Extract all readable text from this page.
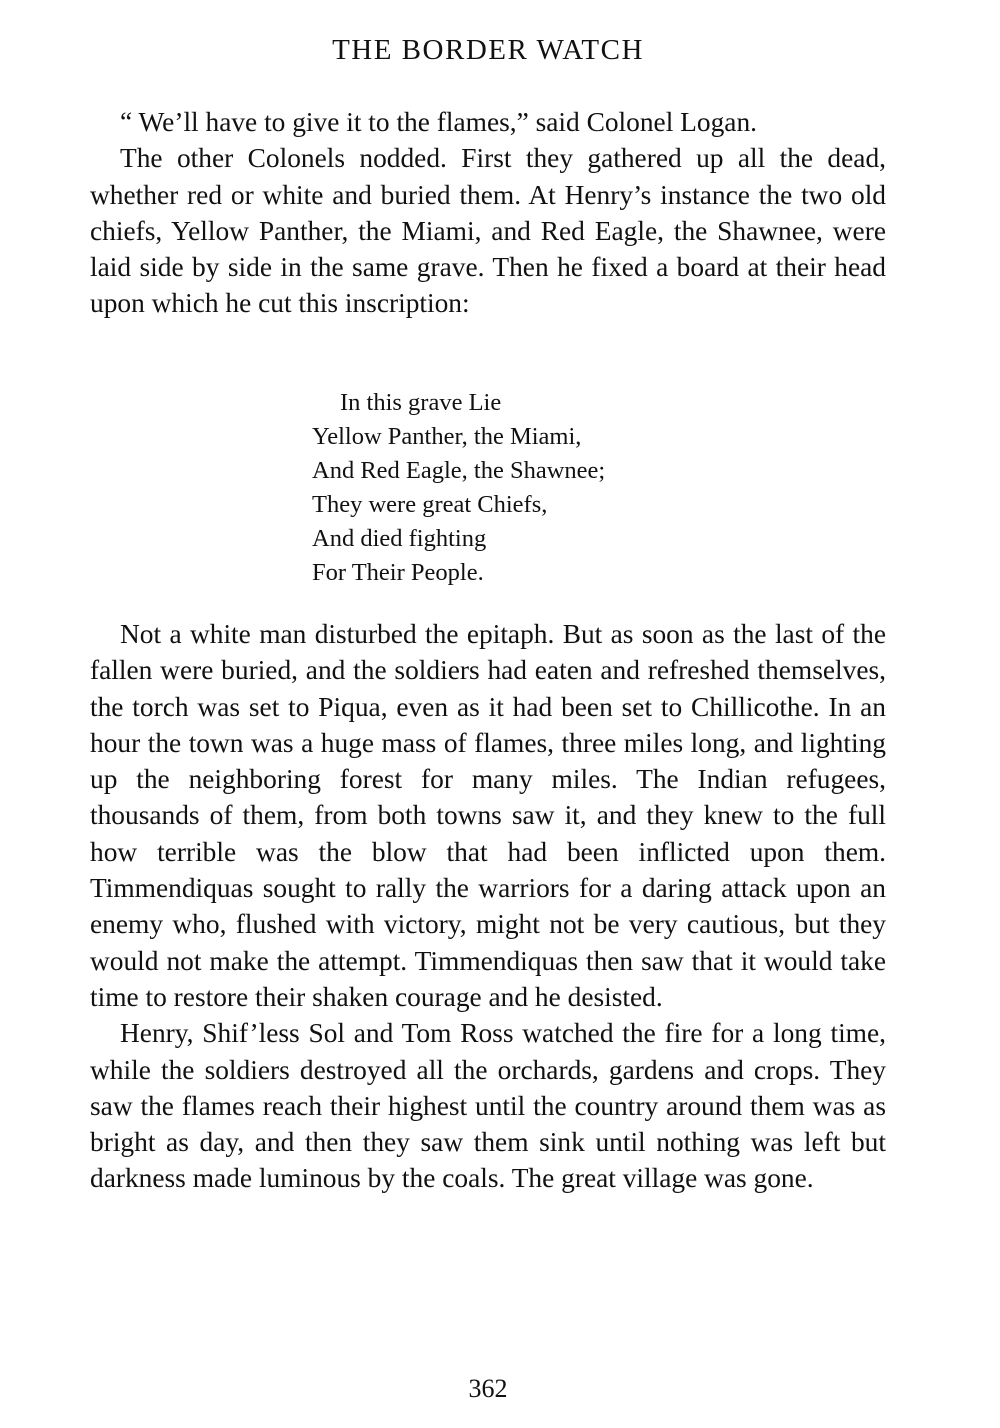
THE BORDER WATCH

“ We’ll have to give it to the flames,” said Colonel Logan.

The other Colonels nodded. First they gathered up all the dead, whether red or white and buried them. At Henry’s instance the two old chiefs, Yellow Panther, the Miami, and Red Eagle, the Shawnee, were laid side by side in the same grave. Then he fixed a board at their head upon which he cut this inscription:

In this grave Lie
Yellow Panther, the Miami,
And Red Eagle, the Shawnee;
They were great Chiefs,
And died fighting
For Their People.

Not a white man disturbed the epitaph. But as soon as the last of the fallen were buried, and the soldiers had eaten and refreshed themselves, the torch was set to Piqua, even as it had been set to Chillicothe. In an hour the town was a huge mass of flames, three miles long, and lighting up the neighboring forest for many miles. The Indian refugees, thousands of them, from both towns saw it, and they knew to the full how terrible was the blow that had been inflicted upon them. Timmendiquas sought to rally the warriors for a daring attack upon an enemy who, flushed with victory, might not be very cautious, but they would not make the attempt. Timmendiquas then saw that it would take time to restore their shaken courage and he desisted.

Henry, Shif’less Sol and Tom Ross watched the fire for a long time, while the soldiers destroyed all the orchards, gardens and crops. They saw the flames reach their highest until the country around them was as bright as day, and then they saw them sink until nothing was left but darkness made luminous by the coals. The great village was gone.

362
